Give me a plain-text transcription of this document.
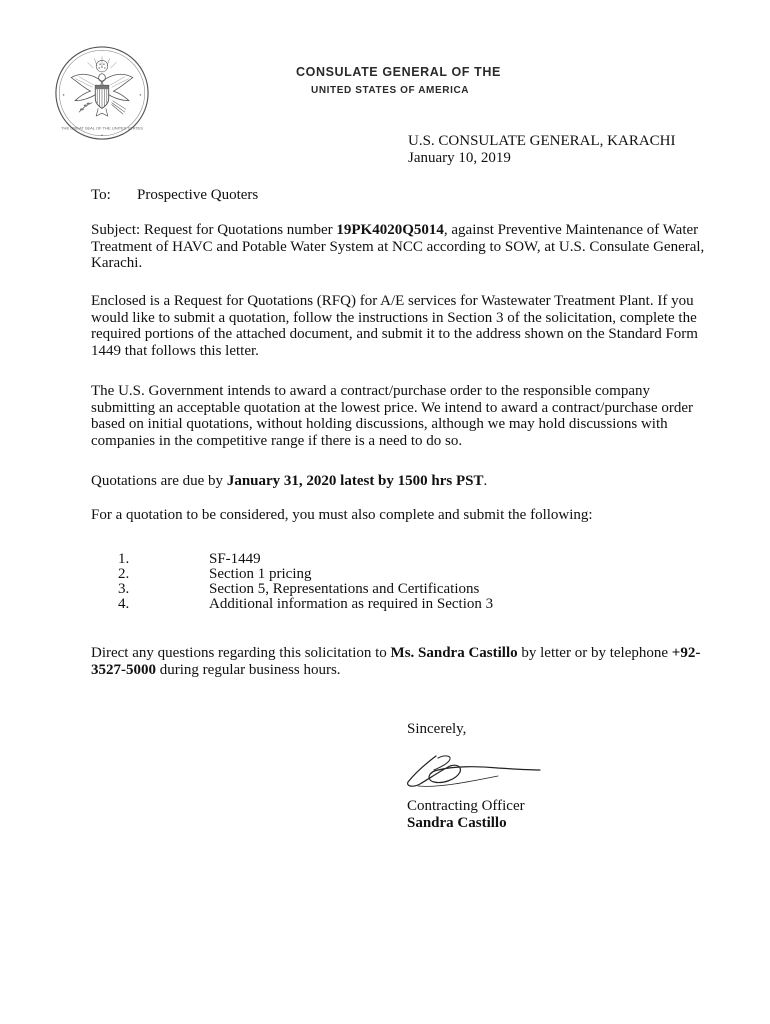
THE GREAT SEAL OF THE UNITED STATES
CONSULATE GENERAL OF THE
UNITED STATES OF AMERICA
U.S. CONSULATE GENERAL, KARACHI
January 10, 2019
To: Prospective Quoters

Subject: Request for Quotations number 19PK4020Q5014, against Preventive Maintenance of Water Treatment of HAVC and Potable Water System at NCC according to SOW, at U.S. Consulate General, Karachi.

Enclosed is a Request for Quotations (RFQ) for A/E services for Wastewater Treatment Plant. If you would like to submit a quotation, follow the instructions in Section 3 of the solicitation, complete the required portions of the attached document, and submit it to the address shown on the Standard Form 1449 that follows this letter.

The U.S. Government intends to award a contract/purchase order to the responsible company submitting an acceptable quotation at the lowest price. We intend to award a contract/purchase order based on initial quotations, without holding discussions, although we may hold discussions with companies in the competitive range if there is a need to do so.

Quotations are due by January 31, 2020 latest by 1500 hrs PST.

For a quotation to be considered, you must also complete and submit the following:

1.	SF-1449
2.	Section 1 pricing
3.	Section 5, Representations and Certifications
4.	Additional information as required in Section 3

Direct any questions regarding this solicitation to Ms. Sandra Castillo by letter or by telephone +92-3527-5000 during regular business hours.

Sincerely,
Contracting Officer
Sandra Castillo
